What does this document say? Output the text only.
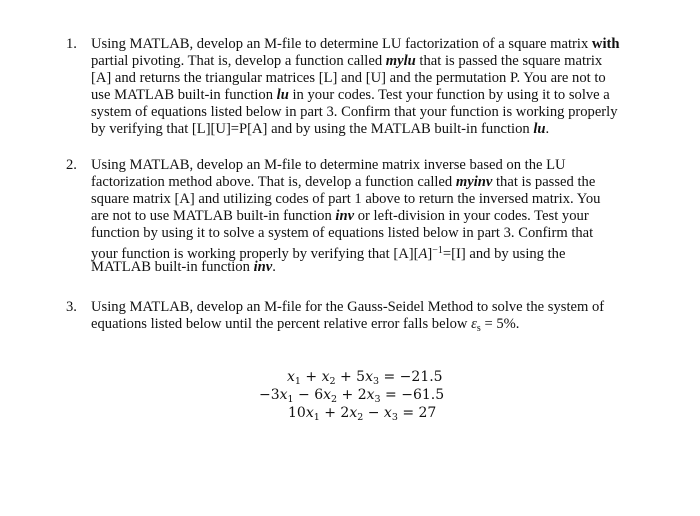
1. Using MATLAB, develop an M-file to determine LU factorization of a square matrix with
partial pivoting. That is, develop a function called mylu that is passed the square matrix
[A] and returns the triangular matrices [L] and [U] and the permutation P. You are not to
use MATLAB built-in function lu in your codes. Test your function by using it to solve a
system of equations listed below in part 3. Confirm that your function is working properly
by verifying that [L][U]=P[A] and by using the MATLAB built-in function lu.
2. Using MATLAB, develop an M-file to determine matrix inverse based on the LU
factorization method above. That is, develop a function called myinv that is passed the
square matrix [A] and utilizing codes of part 1 above to return the inversed matrix. You
are not to use MATLAB built-in function inv or left-division in your codes. Test your
function by using it to solve a system of equations listed below in part 3. Confirm that
your function is working properly by verifying that $[A][A]^{-1}=[I]$ and by using the
MATLAB built-in function inv.
3. Using MATLAB, develop an M-file for the Gauss-Seidel Method to solve the system of
equations listed below until the percent relative error falls below $\varepsilon_s = 5\%$.
$x_1 + x_2 + 5x_3 = -21.5$
$-3x_1 - 6x_2 + 2x_3 = -61.5$
$10x_1 + 2x_2 - x_3 = 27$
